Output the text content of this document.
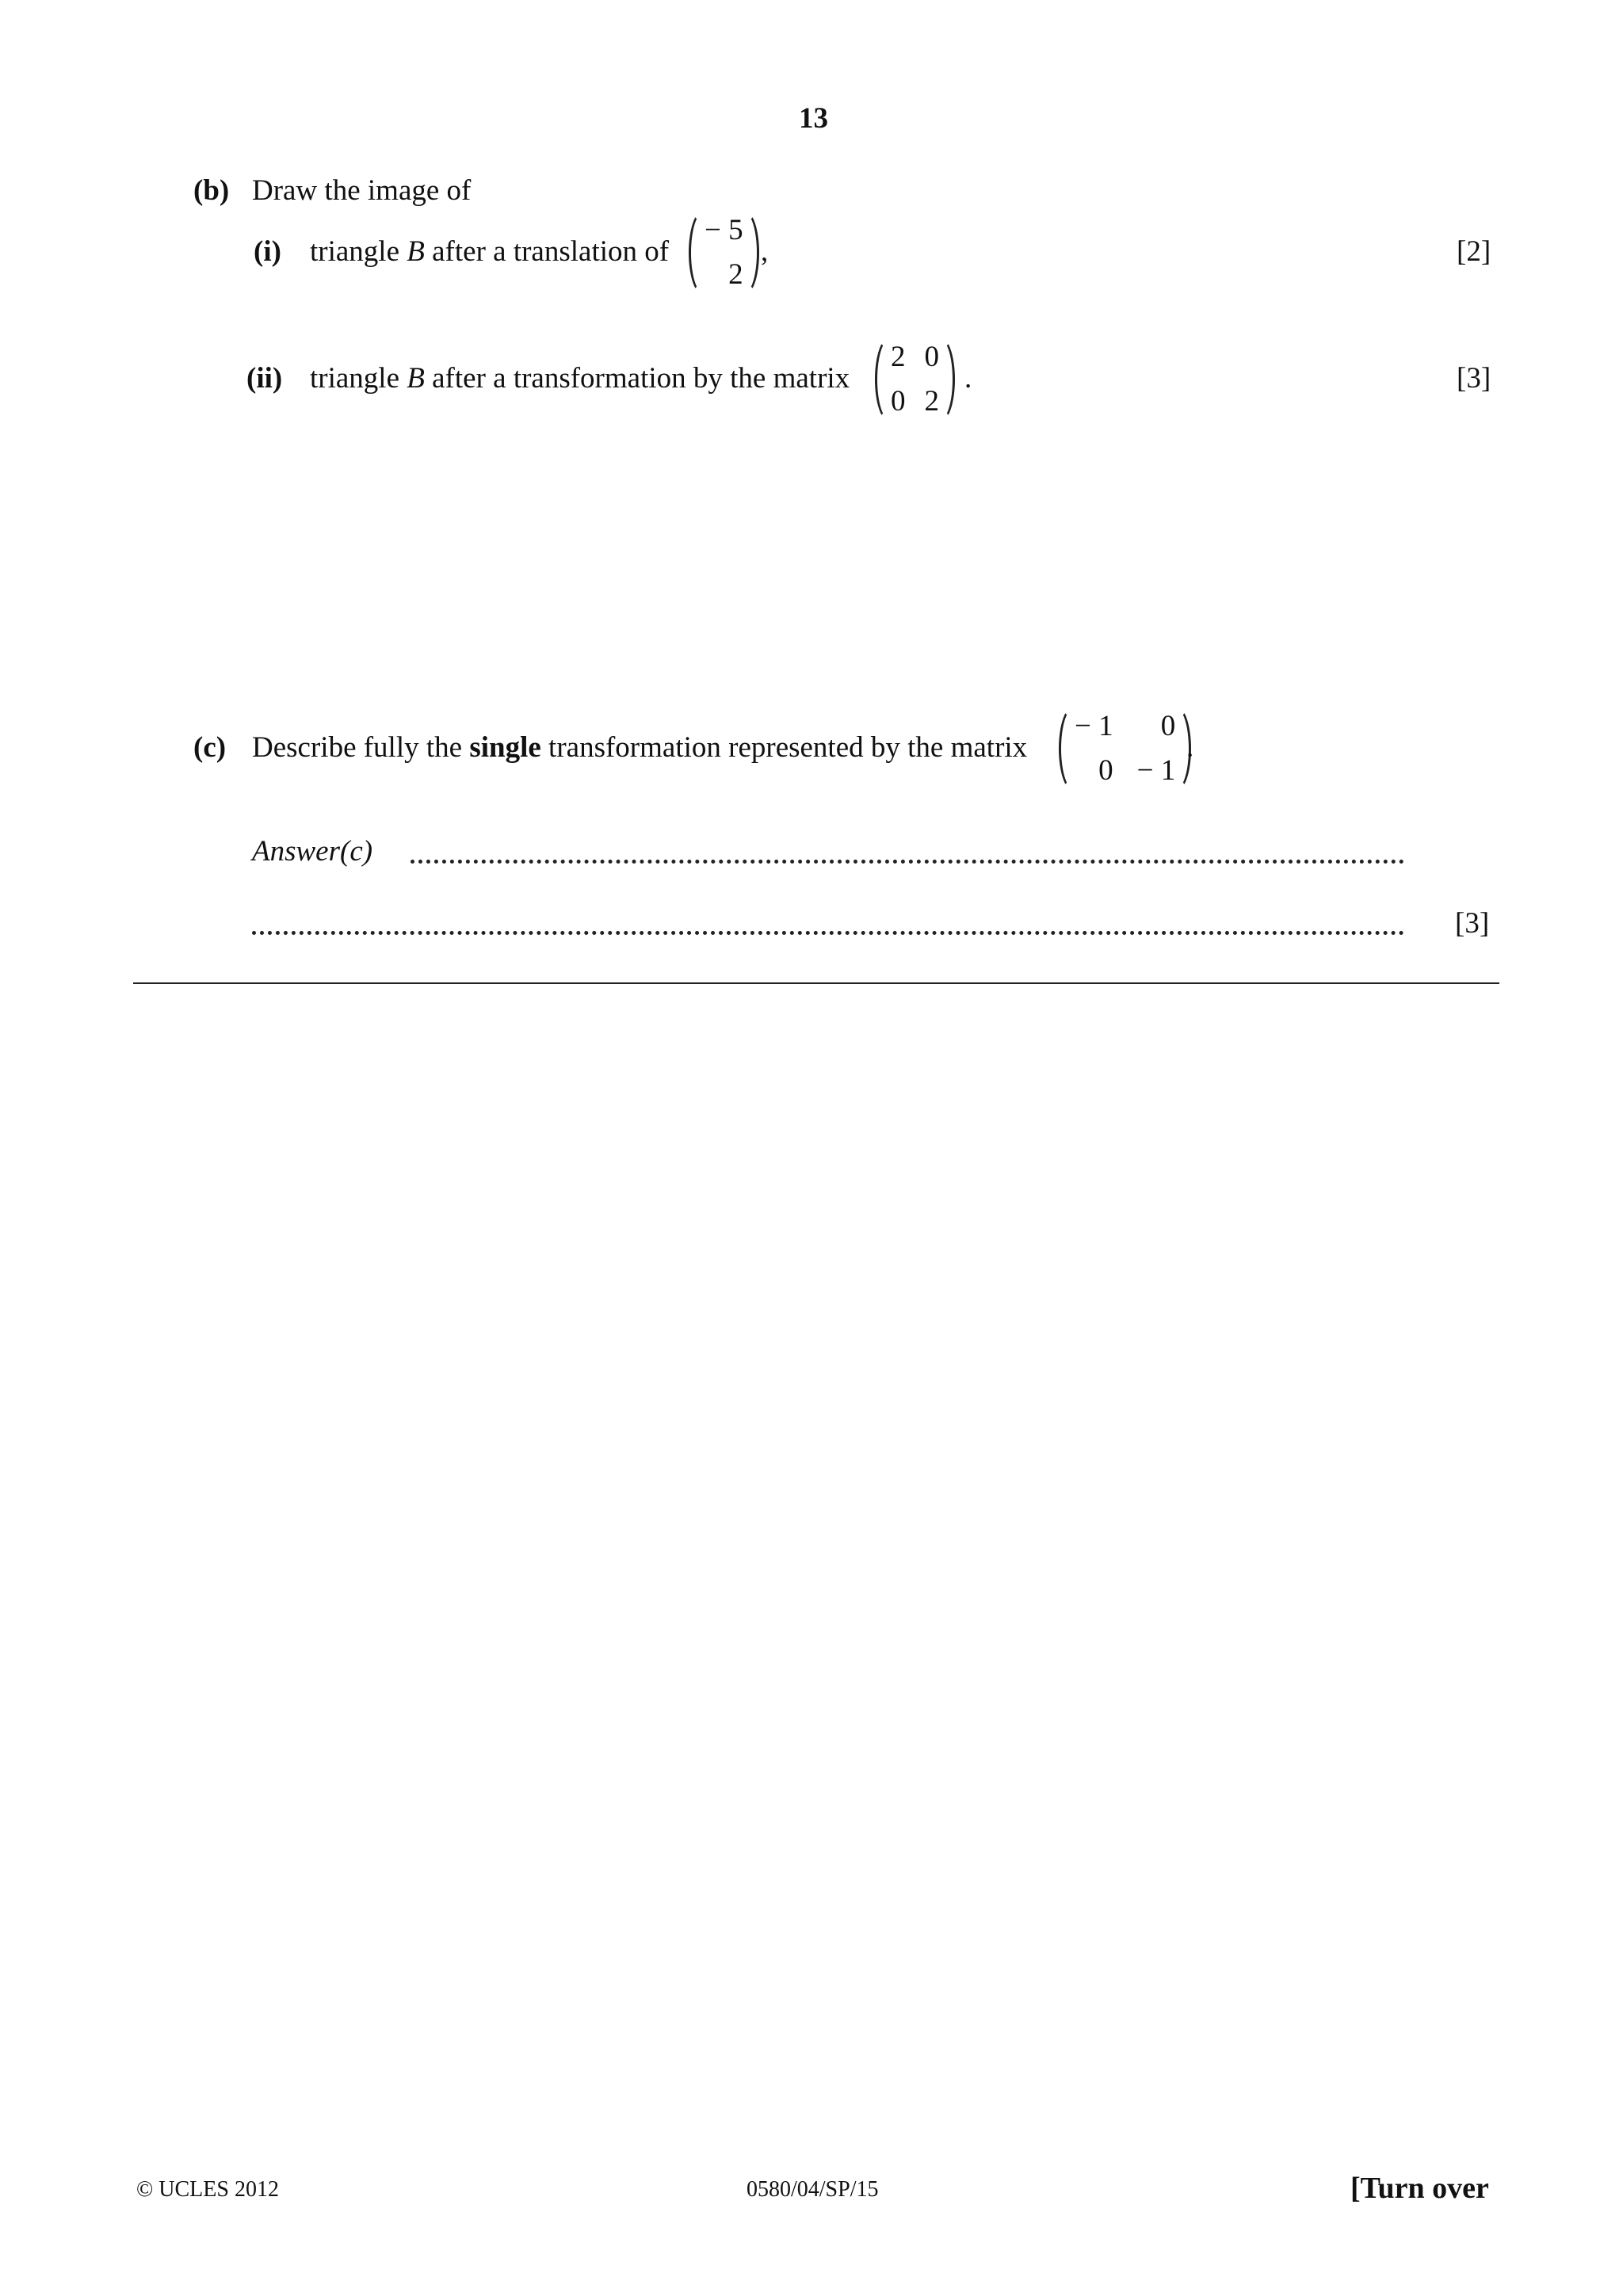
13
(b) Draw the image of
(i) triangle B after a translation of
− 5
2
,	[2]
(ii) triangle B after a transformation by the matrix
2 0
0 2
.	[3]
(c) Describe fully the single transformation represented by the matrix
− 1 0
0 − 1
.
Answer(c)
[3]
© UCLES 2012	0580/04/SP/15	[Turn over
